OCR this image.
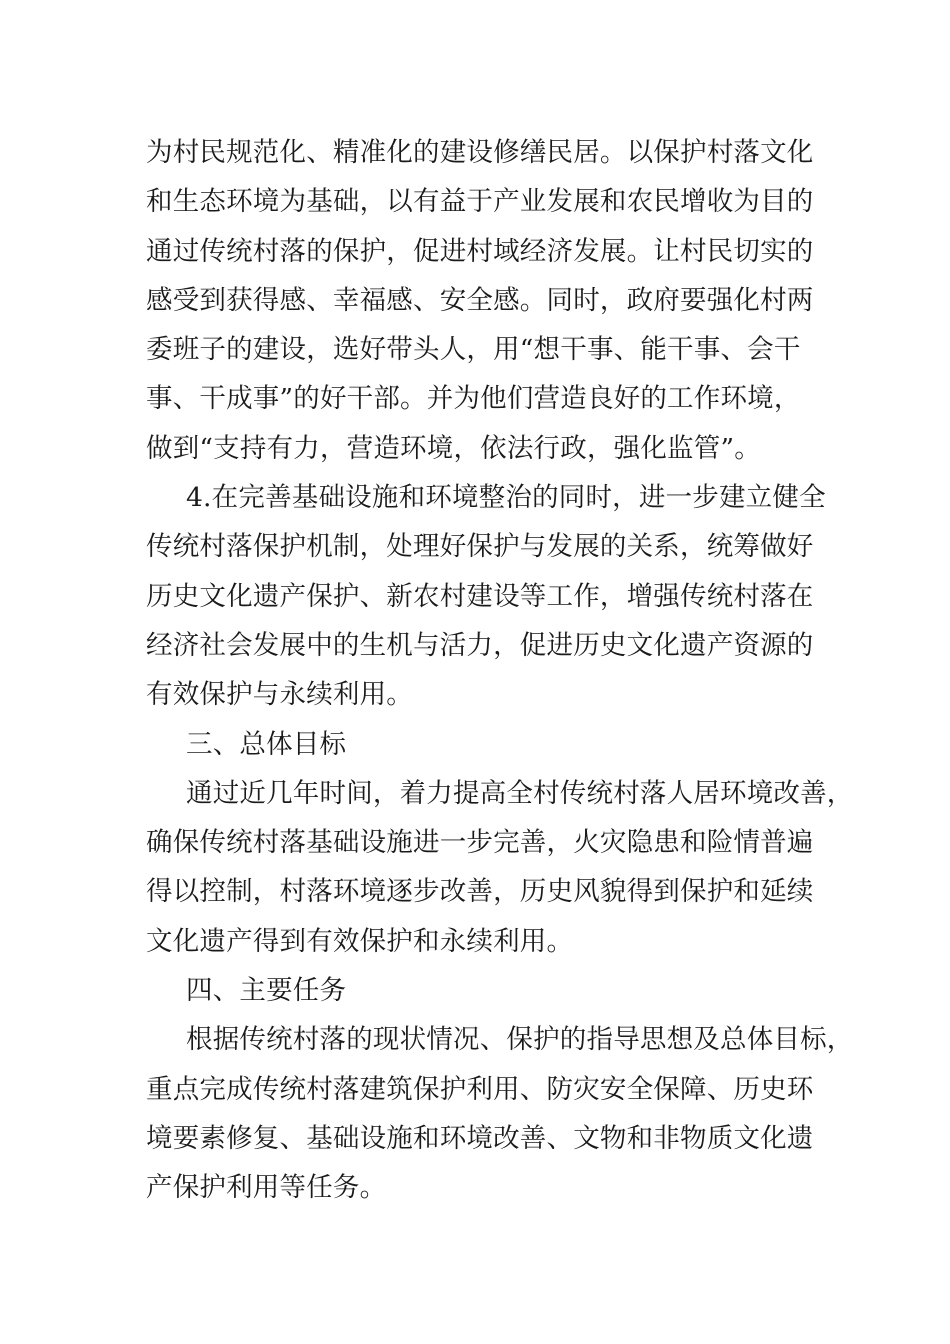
为村民规范化、精准化的建设修缮民居。以保护村落文化
和生态环境为基础，以有益于产业发展和农民增收为目的
通过传统村落的保护，促进村域经济发展。让村民切实的
感受到获得感、幸福感、安全感。同时，政府要强化村两
委班子的建设，选好带头人，用“想干事、能干事、会干
事、干成事”的好干部。并为他们营造良好的工作环境，
做到“支持有力，营造环境，依法行政，强化监管”。

4.在完善基础设施和环境整治的同时，进一步建立健全
传统村落保护机制，处理好保护与发展的关系，统筹做好
历史文化遗产保护、新农村建设等工作，增强传统村落在
经济社会发展中的生机与活力，促进历史文化遗产资源的
有效保护与永续利用。

三、总体目标

通过近几年时间，着力提高全村传统村落人居环境改善，
确保传统村落基础设施进一步完善，火灾隐患和险情普遍
得以控制，村落环境逐步改善，历史风貌得到保护和延续
文化遗产得到有效保护和永续利用。

四、主要任务

根据传统村落的现状情况、保护的指导思想及总体目标，
重点完成传统村落建筑保护利用、防灾安全保障、历史环
境要素修复、基础设施和环境改善、文物和非物质文化遗
产保护利用等任务。
